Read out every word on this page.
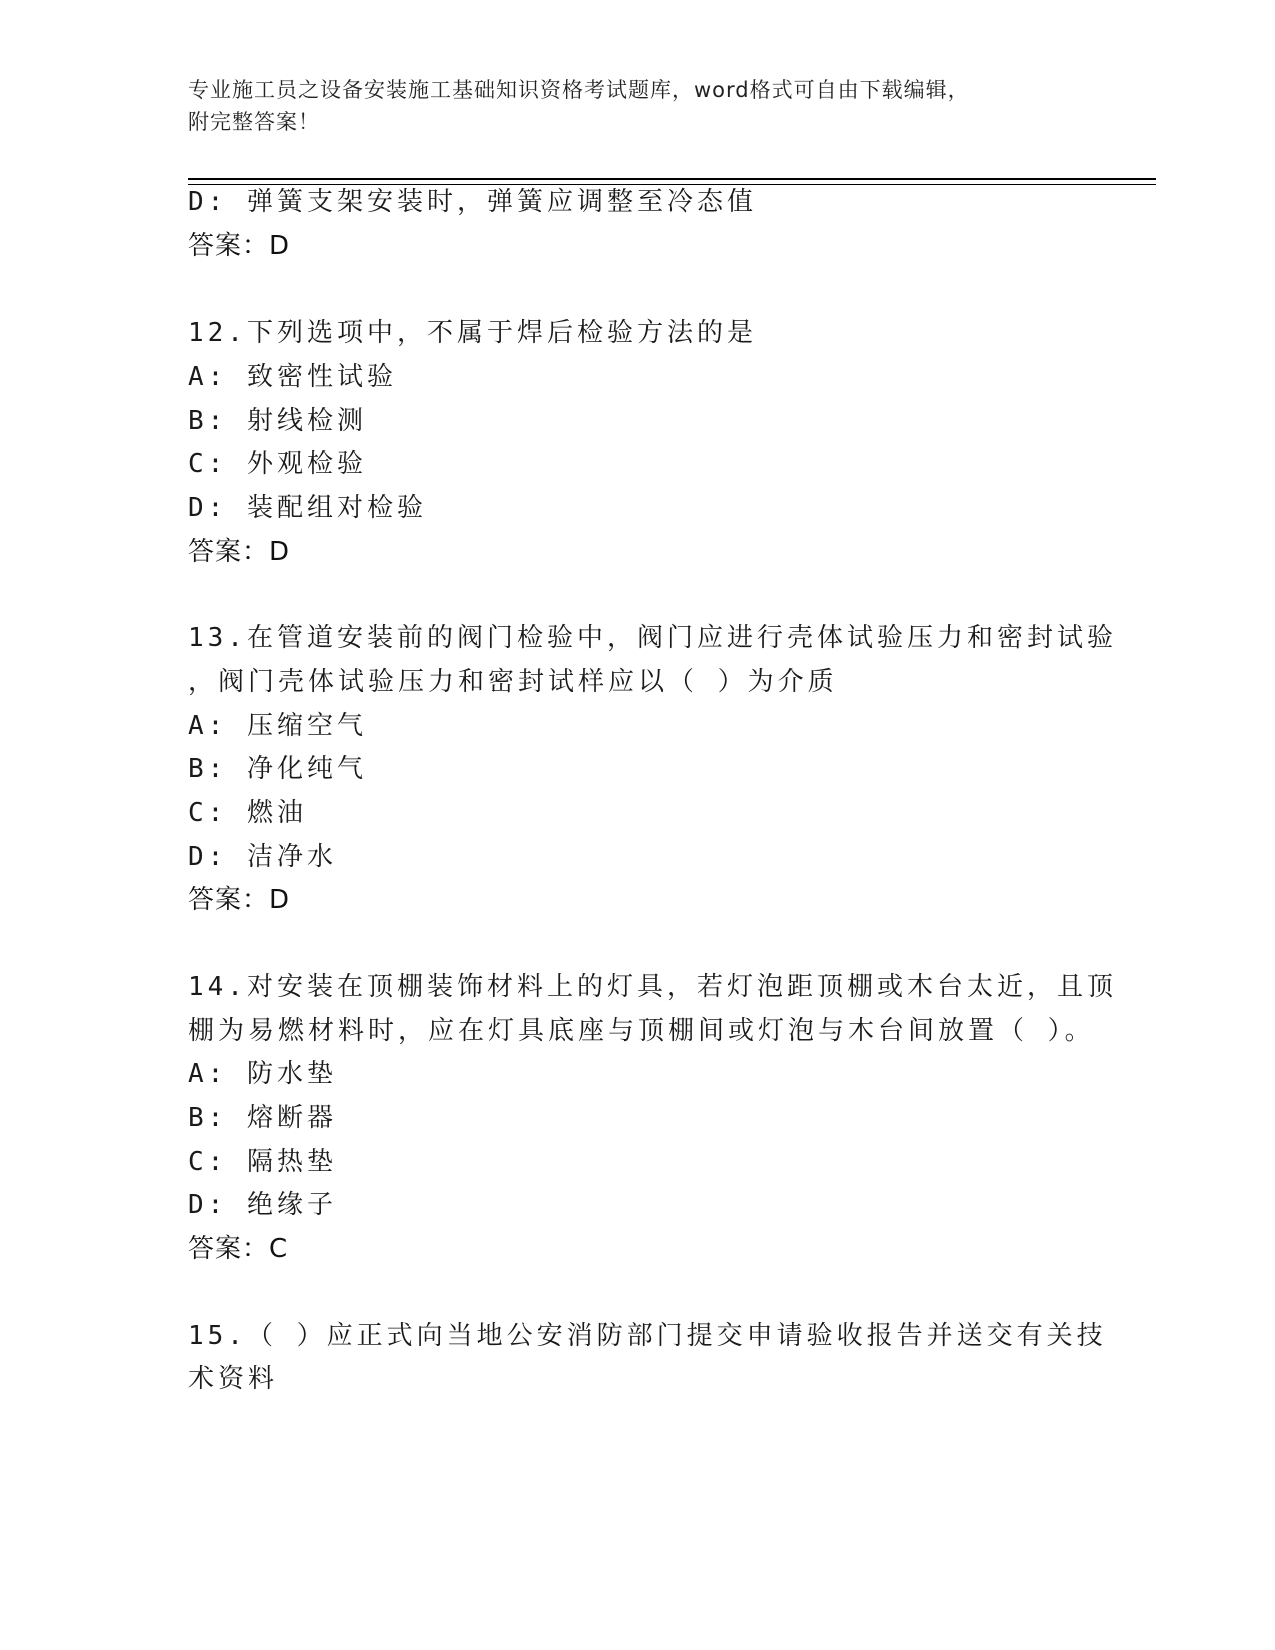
专业施工员之设备安装施工基础知识资格考试题库，word格式可自由下载编辑，
附完整答案！
D: 弹簧支架安装时，弹簧应调整至冷态值
答案：D
12.下列选项中，不属于焊后检验方法的是
A: 致密性试验
B: 射线检测
C: 外观检验
D: 装配组对检验
答案：D
13.在管道安装前的阀门检验中，阀门应进行壳体试验压力和密封试验
，阀门壳体试验压力和密封试样应以（ ）为介质
A: 压缩空气
B: 净化纯气
C: 燃油
D: 洁净水
答案：D
14.对安装在顶棚装饰材料上的灯具，若灯泡距顶棚或木台太近，且顶
棚为易燃材料时，应在灯具底座与顶棚间或灯泡与木台间放置（ ）。
A: 防水垫
B: 熔断器
C: 隔热垫
D: 绝缘子
答案：C
15.（ ）应正式向当地公安消防部门提交申请验收报告并送交有关技
术资料
